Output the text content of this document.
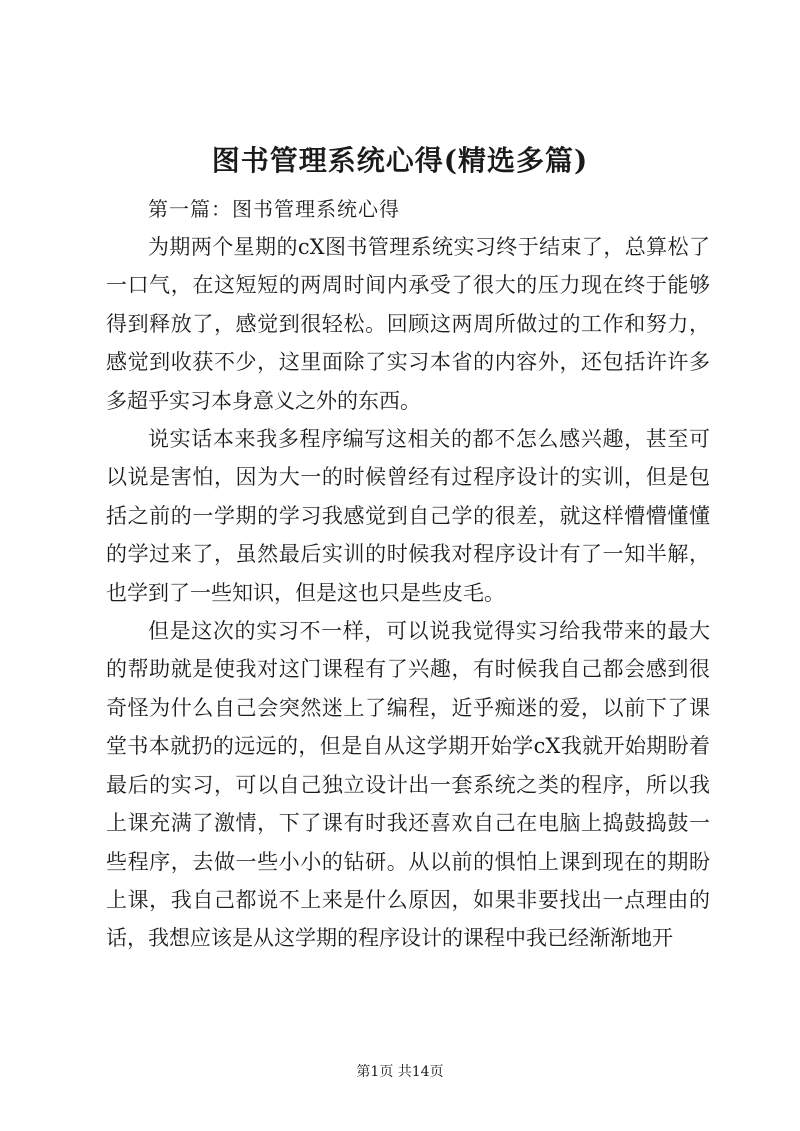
图书管理系统心得(精选多篇)

第一篇：图书管理系统心得

为期两个星期的cX图书管理系统实习终于结束了，总算松了一口气，在这短短的两周时间内承受了很大的压力现在终于能够得到释放了，感觉到很轻松。回顾这两周所做过的工作和努力，感觉到收获不少，这里面除了实习本省的内容外，还包括许许多多超乎实习本身意义之外的东西。

说实话本来我多程序编写这相关的都不怎么感兴趣，甚至可以说是害怕，因为大一的时候曾经有过程序设计的实训，但是包括之前的一学期的学习我感觉到自己学的很差，就这样懵懵懂懂的学过来了，虽然最后实训的时候我对程序设计有了一知半解，也学到了一些知识，但是这也只是些皮毛。

但是这次的实习不一样，可以说我觉得实习给我带来的最大的帮助就是使我对这门课程有了兴趣，有时候我自己都会感到很奇怪为什么自己会突然迷上了编程，近乎痴迷的爱，以前下了课堂书本就扔的远远的，但是自从这学期开始学cX我就开始期盼着最后的实习，可以自己独立设计出一套系统之类的程序，所以我上课充满了激情，下了课有时我还喜欢自己在电脑上捣鼓捣鼓一些程序，去做一些小小的钻研。从以前的惧怕上课到现在的期盼上课，我自己都说不上来是什么原因，如果非要找出一点理由的话，我想应该是从这学期的程序设计的课程中我已经渐渐地开

第1页 共14页
